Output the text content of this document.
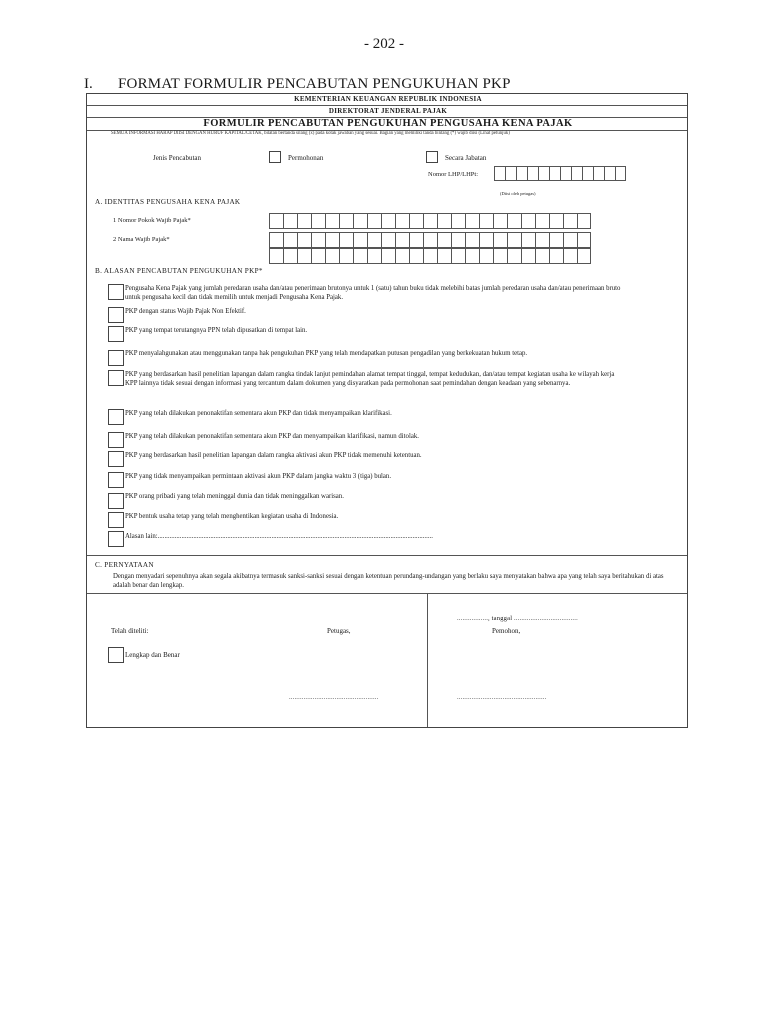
- 202 -
I. FORMAT FORMULIR PENCABUTAN PENGUKUHAN PKP
KEMENTERIAN KEUANGAN REPUBLIK INDONESIA
DIREKTORAT JENDERAL PAJAK
FORMULIR PENCABUTAN PENGUKUHAN PENGUSAHA KENA PAJAK
SEMUA INFORMASI HARAP DIISI DENGAN HURUF KAPITAL/CETAK, bilatan bertanda silang (x) pada kotak jawaban yang sesuai. Bagian yang memiliki tanda bintang (*) wajib diisi (Lihat petunjuk)
Jenis Pencabutan	Permohonan	Secara Jabatan
Nomor LHP/LHPt:
(Diisi oleh petugas)
A. IDENTITAS PENGUSAHA KENA PAJAK
1 Nomor Pokok Wajib Pajak*
2 Nama Wajib Pajak*
B. ALASAN PENCABUTAN PENGUKUHAN PKP*
Pengusaha Kena Pajak yang jumlah peredaran usaha dan/atau penerimaan brutonya untuk 1 (satu) tahun buku tidak melebihi batas jumlah peredaran usaha dan/atau penerimaan bruto untuk pengusaha kecil dan tidak memilih untuk menjadi Pengusaha Kena Pajak.
PKP dengan status Wajib Pajak Non Efektif.
PKP yang tempat terutangnya PPN telah dipusatkan di tempat lain.
PKP menyalahgunakan atau menggunakan tanpa hak pengukuhan PKP yang telah mendapatkan putusan pengadilan yang berkekuatan hukum tetap.
PKP yang berdasarkan hasil penelitian lapangan dalam rangka tindak lanjut pemindahan alamat tempat tinggal, tempat kedudukan, dan/atau tempat kegiatan usaha ke wilayah kerja KPP lainnya tidak sesuai dengan informasi yang tercantum dalam dokumen yang disyaratkan pada permohonan saat pemindahan dengan keadaan yang sebenarnya.
PKP yang telah dilakukan penonaktifan sementara akun PKP dan tidak menyampaikan klarifikasi.
PKP yang telah dilakukan penonaktifan sementara akun PKP dan menyampaikan klarifikasi, namun ditolak.
PKP yang berdasarkan hasil penelitian lapangan dalam rangka aktivasi akun PKP tidak memenuhi ketentuan.
PKP yang tidak menyampaikan permintaan aktivasi akun PKP dalam jangka waktu 3 (tiga) bulan.
PKP orang pribadi yang telah meninggal dunia dan tidak meninggalkan warisan.
PKP bentuk usaha tetap yang telah menghentikan kegiatan usaha di Indonesia.
Alasan lain:..................................................................................................................................................................
C. PERNYATAAN
Dengan menyadari sepenuhnya akan segala akibatnya termasuk sanksi-sanksi sesuai dengan ketentuan perundang-undangan yang berlaku saya menyatakan bahwa apa yang telah saya beritahukan di atas adalah benar dan lengkap.
................., tanggal ...................................
Telah diteliti:	Petugas,	Pemohon,
Lengkap dan Benar
.................................................	.................................................
